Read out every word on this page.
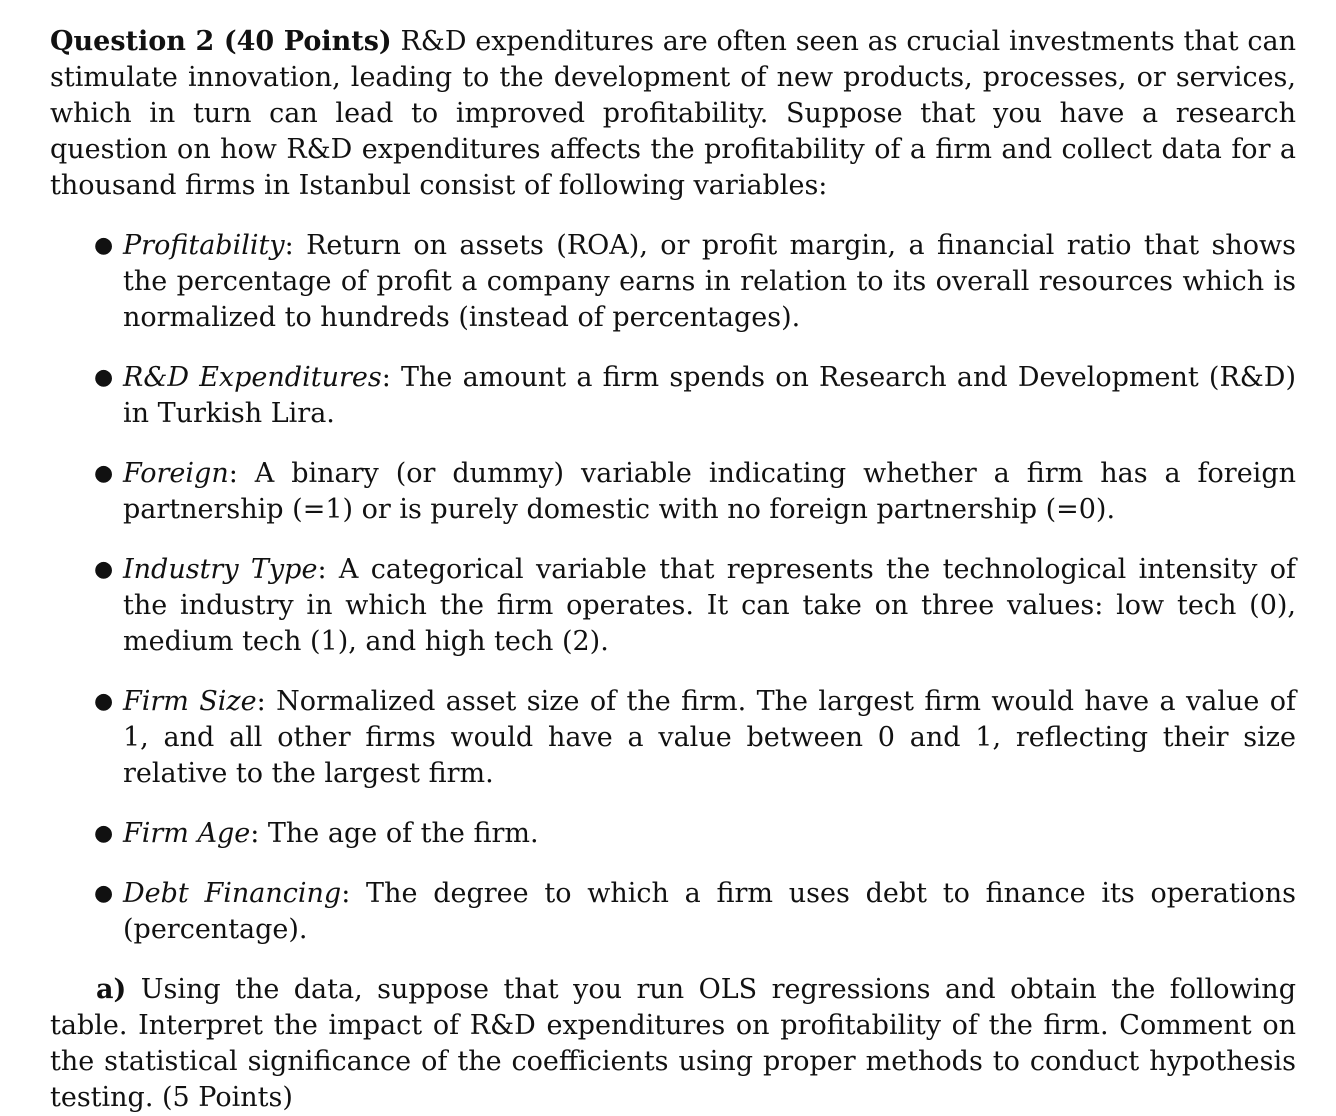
Question 2 (40 Points) R&D expenditures are often seen as crucial investments that can stimulate innovation, leading to the development of new products, processes, or services, which in turn can lead to improved profitability. Suppose that you have a research question on how R&D expenditures affects the profitability of a firm and collect data for a thousand firms in Istanbul consist of following variables:

● Profitability: Return on assets (ROA), or profit margin, a financial ratio that shows the percentage of profit a company earns in relation to its overall resources which is normalized to hundreds (instead of percentages).
● R&D Expenditures: The amount a firm spends on Research and Development (R&D) in Turkish Lira.
● Foreign: A binary (or dummy) variable indicating whether a firm has a foreign partnership (=1) or is purely domestic with no foreign partnership (=0).
● Industry Type: A categorical variable that represents the technological intensity of the industry in which the firm operates. It can take on three values: low tech (0), medium tech (1), and high tech (2).
● Firm Size: Normalized asset size of the firm. The largest firm would have a value of 1, and all other firms would have a value between 0 and 1, reflecting their size relative to the largest firm.
● Firm Age: The age of the firm.
● Debt Financing: The degree to which a firm uses debt to finance its operations (percentage).

a) Using the data, suppose that you run OLS regressions and obtain the following table. Interpret the impact of R&D expenditures on profitability of the firm. Comment on the statistical significance of the coefficients using proper methods to conduct hypothesis testing. (5 Points)
